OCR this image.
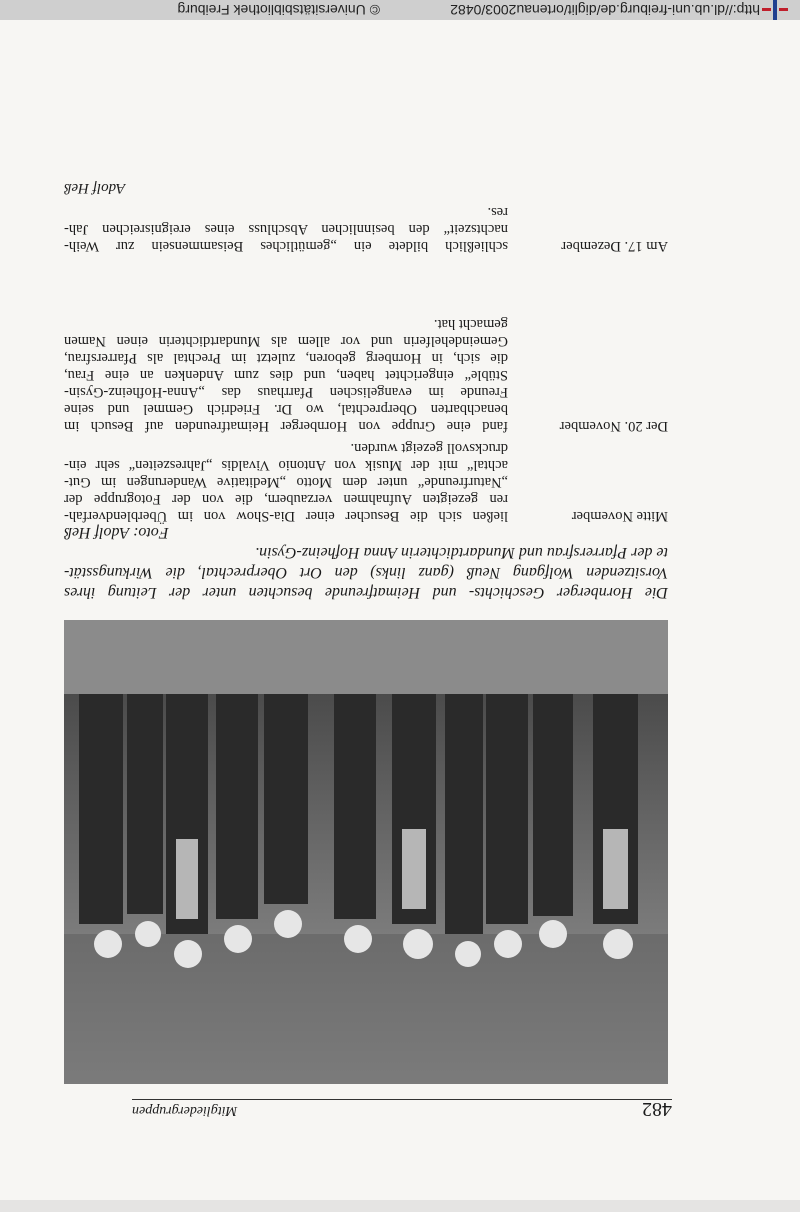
482
Mitgliedergruppen
Die Hornberger Geschichts- und Heimatfreunde besuchten unter der Leitung ihres
Vorsitzenden Wolfgang Neuß (ganz links) den Ort Oberprechtal, die Wirkungsstät-
te der Pfarrersfrau und Mundartdichterin Anna Hofheinz-Gysin.
Foto: Adolf Heß
Mitte November
ließen sich die Besucher einer Dia-Show von im Überblendverfah-
ren gezeigten Aufnahmen verzaubern, die von der Fotogruppe der
„Naturfreunde“ unter dem Motto „Meditative Wanderungen im Gut-
achtal“ mit der Musik von Antonio Vivaldis „Jahreszeiten“ sehr ein-
drucksvoll gezeigt wurden.
Der 20. November
fand eine Gruppe von Hornberger Heimatfreunden auf Besuch im
benachbarten Oberprechtal, wo Dr. Friedrich Gemmel und seine
Freunde im evangelischen Pfarrhaus das „Anna-Hofheinz-Gysin-
Stüble“ eingerichtet haben, und dies zum Andenken an eine Frau,
die sich, in Hornberg geboren, zuletzt im Prechtal als Pfarrersfrau,
Gemeindehelferin und vor allem als Mundartdichterin einen Namen
gemacht hat.
Am 17. Dezember
schließlich bildete ein „gemütliches Beisammensein zur Weih-
nachtszeit“ den besinnlichen Abschluss eines ereignisreichen Jah-
res.
Adolf Heß
http://dl.ub.uni-freiburg.de/diglit/ortenau2003/0482
© Universitätsbibliothek Freiburg
